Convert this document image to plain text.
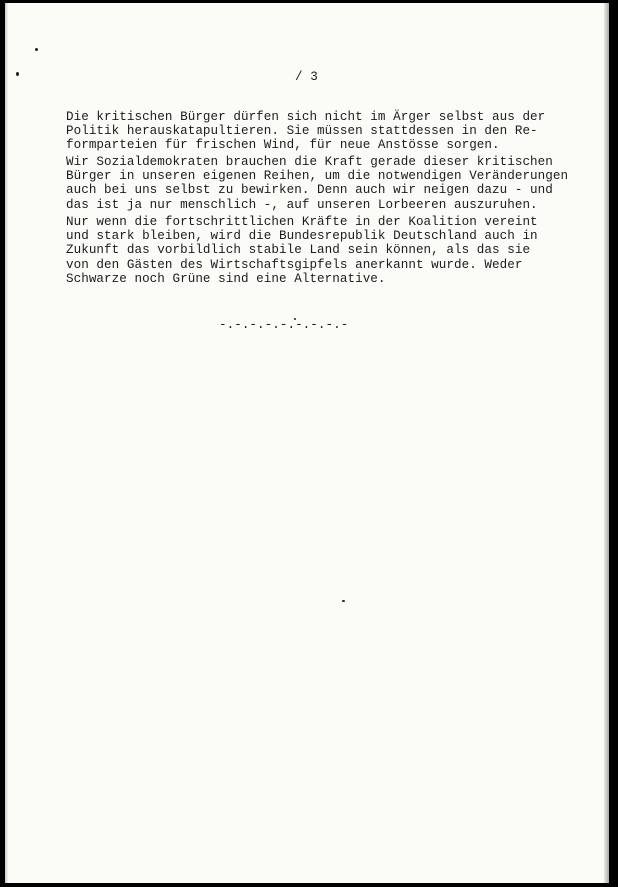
/ 3

Die kritischen Bürger dürfen sich nicht im Ärger selbst aus der
Politik herauskatapultieren. Sie müssen stattdessen in den Re-
formparteien für frischen Wind, für neue Anstösse sorgen.

Wir Sozialdemokraten brauchen die Kraft gerade dieser kritischen
Bürger in unseren eigenen Reihen, um die notwendigen Veränderungen
auch bei uns selbst zu bewirken. Denn auch wir neigen dazu - und
das ist ja nur menschlich -, auf unseren Lorbeeren auszuruhen.

Nur wenn die fortschrittlichen Kräfte in der Koalition vereint
und stark bleiben, wird die Bundesrepublik Deutschland auch in
Zukunft das vorbildlich stabile Land sein können, als das sie
von den Gästen des Wirtschaftsgipfels anerkannt wurde. Weder
Schwarze noch Grüne sind eine Alternative.

-.-.-.-.-.-.-.-.-
